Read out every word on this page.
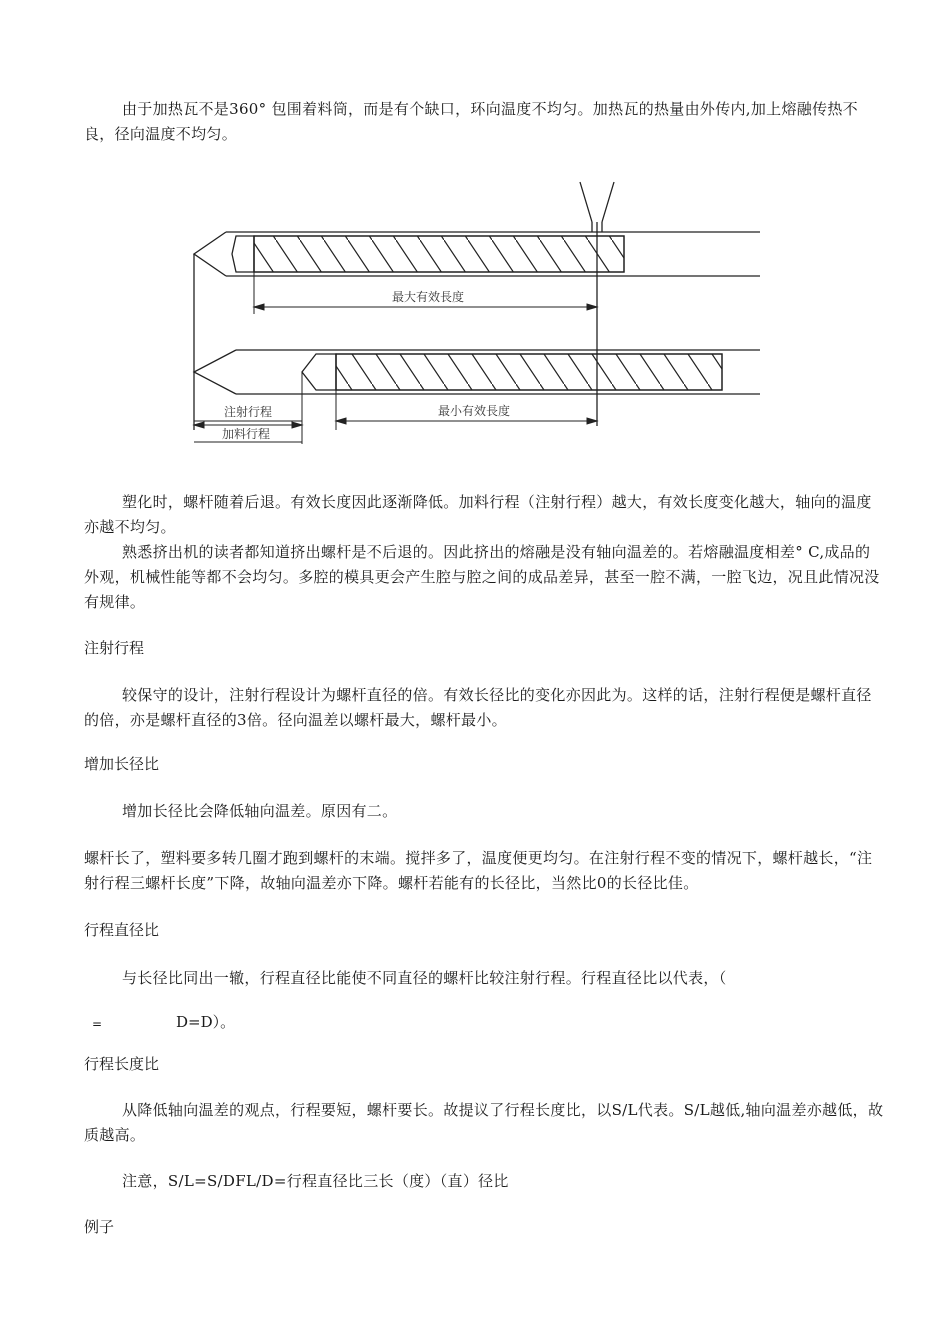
由于加热瓦不是360° 包围着料筒，而是有个缺口，环向温度不均匀。加热瓦的热量由外传内,加上熔融传热不良，径向温度不均匀。
最大有效長度
最小有效長度
注射行程
加料行程
塑化时，螺杆随着后退。有效长度因此逐渐降低。加料行程（注射行程）越大，有效长度变化越大，轴向的温度亦越不均匀。
熟悉挤出机的读者都知道挤出螺杆是不后退的。因此挤出的熔融是没有轴向温差的。若熔融温度相差° C,成品的外观，机械性能等都不会均匀。多腔的模具更会产生腔与腔之间的成品差异，甚至一腔不满，一腔飞边，况且此情况没有规律。
注射行程
较保守的设计，注射行程设计为螺杆直径的倍。有效长径比的变化亦因此为。这样的话，注射行程便是螺杆直径的倍，亦是螺杆直径的3倍。径向温差以螺杆最大，螺杆最小。
增加长径比
增加长径比会降低轴向温差。原因有二。
螺杆长了，塑料要多转几圈才跑到螺杆的末端。搅拌多了，温度便更均匀。在注射行程不变的情况下，螺杆越长，“注射行程三螺杆长度”下降，故轴向温差亦下降。螺杆若能有的长径比，当然比0的长径比佳。
行程直径比
与长径比同出一辙，行程直径比能使不同直径的螺杆比较注射行程。行程直径比以代表，（
=	D=D）。
行程长度比
从降低轴向温差的观点，行程要短，螺杆要长。故提议了行程长度比，以S/L代表。S/L越低,轴向温差亦越低，故质越高。
注意，S/L=S/DFL/D=行程直径比三长（度）（直）径比
例子
